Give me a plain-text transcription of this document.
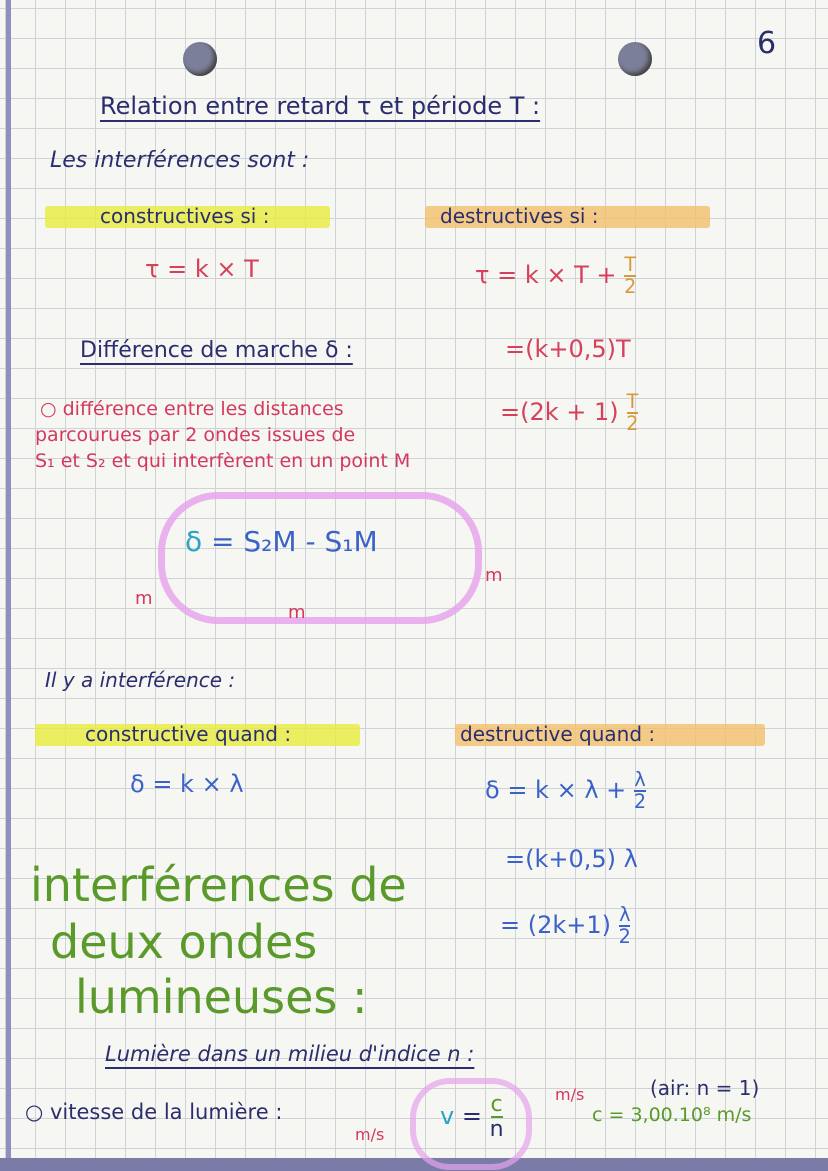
6
Relation entre retard τ et période T :
Les interférences sont :
constructives si :	destructives si :
τ = k × T	$\tau = k \times T + \frac{T}{2}$
Différence de marche δ :	=(k+0,5)T
$=(2k + 1) \frac{T}{2}$
○ différence entre les distances
parcourues par 2 ondes issues de
S₁ et S₂ et qui interfèrent en un point M
δ = S₂M - S₁M
m
m
m
Il y a interférence :
constructive quand :	destructive quand :
δ = k × λ	$\delta = k \times \lambda + \frac{\lambda}{2}$
=(k+0,5) λ
= $(2k+1) \frac{\lambda}{2}$
interférences de
deux ondes
lumineuses :
Lumière dans un milieu d'indice n :
○ vitesse de la lumière :	$v = \frac{c}{n}$	m/s
m/s
(air: n = 1)
c = 3,00.10⁸ m/s
